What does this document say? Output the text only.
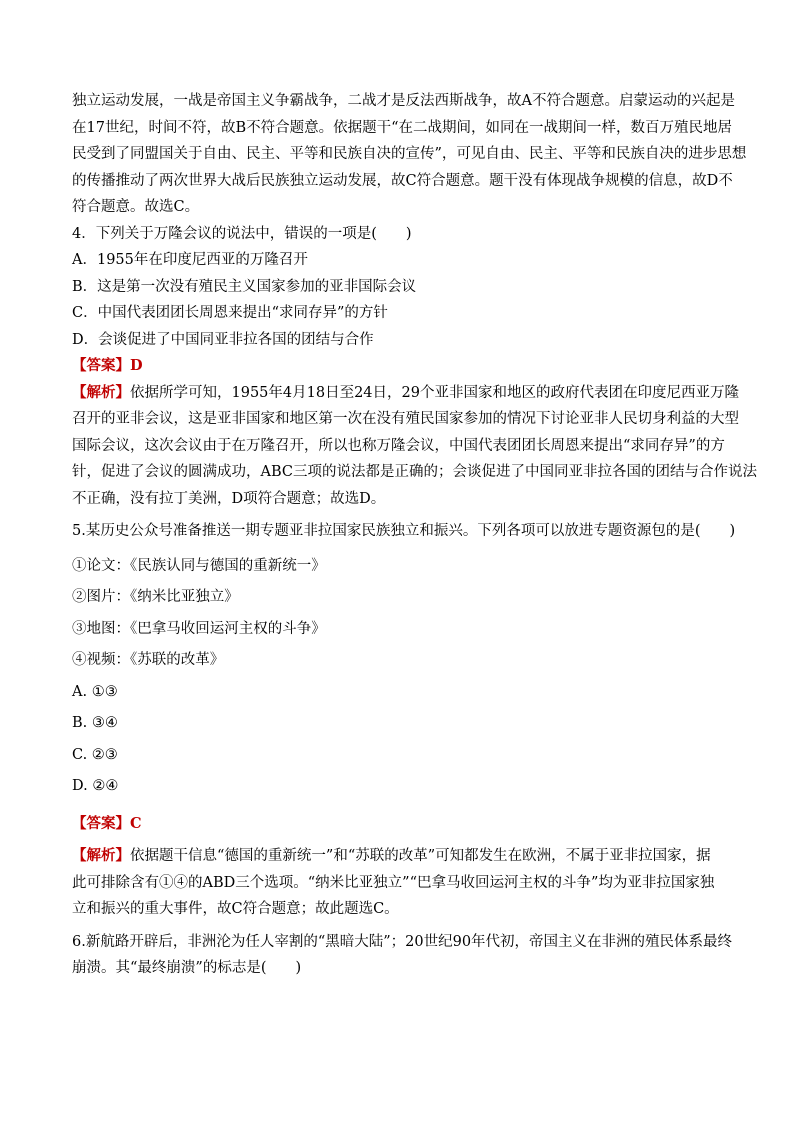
独立运动发展，一战是帝国主义争霸战争，二战才是反法西斯战争，故A不符合题意。启蒙运动的兴起是
在17世纪，时间不符，故B不符合题意。依据题干“在二战期间，如同在一战期间一样，数百万殖民地居
民受到了同盟国关于自由、民主、平等和民族自决的宣传”，可见自由、民主、平等和民族自决的进步思想
的传播推动了两次世界大战后民族独立运动发展，故C符合题意。题干没有体现战争规模的信息，故D不
符合题意。故选C。
4．下列关于万隆会议的说法中，错误的一项是(　　)
A．1955年在印度尼西亚的万隆召开
B．这是第一次没有殖民主义国家参加的亚非国际会议
C．中国代表团团长周恩来提出“求同存异”的方针
D．会谈促进了中国同亚非拉各国的团结与合作
【答案】D
【解析】依据所学可知，1955年4月18日至24日，29个亚非国家和地区的政府代表团在印度尼西亚万隆
召开的亚非会议，这是亚非国家和地区第一次在没有殖民国家参加的情况下讨论亚非人民切身利益的大型
国际会议，这次会议由于在万隆召开，所以也称万隆会议，中国代表团团长周恩来提出“求同存异”的方
针，促进了会议的圆满成功，ABC三项的说法都是正确的；会谈促进了中国同亚非拉各国的团结与合作说法
不正确，没有拉丁美洲，D项符合题意；故选D。
5.某历史公众号准备推送一期专题亚非拉国家民族独立和振兴。下列各项可以放进专题资源包的是(　　)
①论文：《民族认同与德国的重新统一》
②图片：《纳米比亚独立》
③地图：《巴拿马收回运河主权的斗争》
④视频：《苏联的改革》
A. ①③
B. ③④
C. ②③
D. ②④
【答案】C
【解析】依据题干信息“德国的重新统一”和“苏联的改革”可知都发生在欧洲，不属于亚非拉国家，据
此可排除含有①④的ABD三个选项。“纳米比亚独立”“巴拿马收回运河主权的斗争”均为亚非拉国家独
立和振兴的重大事件，故C符合题意；故此题选C。
6.新航路开辟后，非洲沦为任人宰割的“黑暗大陆”；20世纪90年代初，帝国主义在非洲的殖民体系最终
崩溃。其“最终崩溃”的标志是(　　)
